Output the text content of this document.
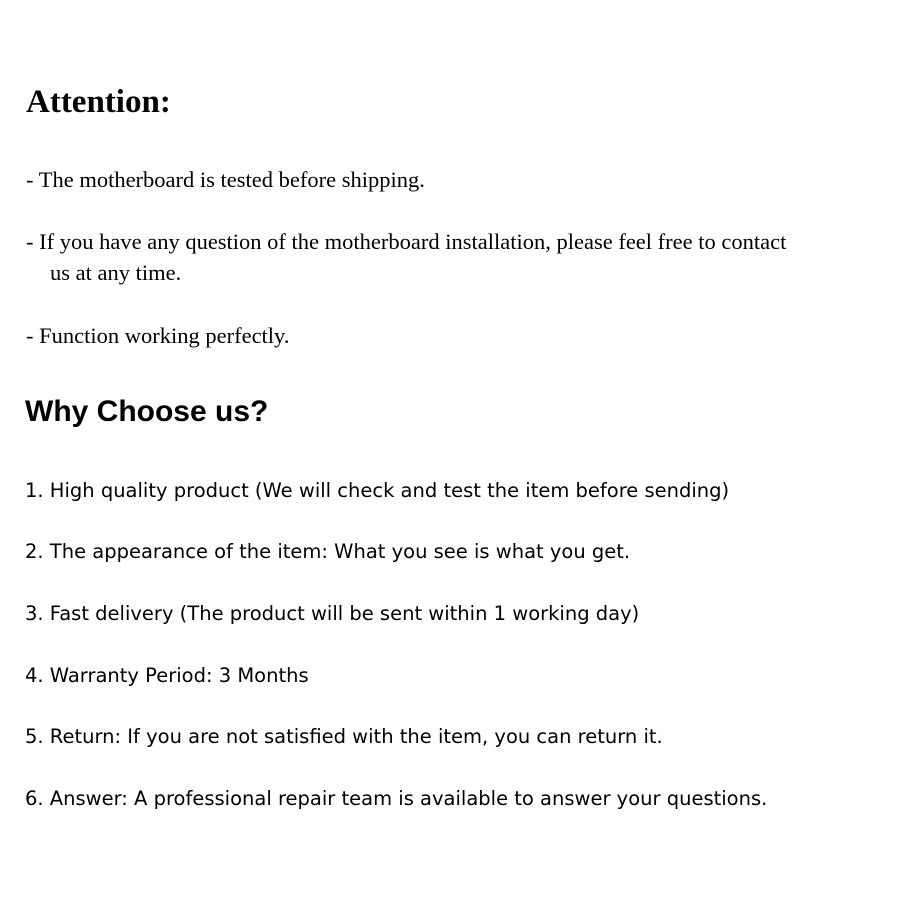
Attention:

- The motherboard is tested before shipping.

- If you have any question of the motherboard installation, please feel free to contact
us at any time.

- Function working perfectly.

Why Choose us?

1. High quality product (We will check and test the item before sending)

2. The appearance of the item: What you see is what you get.

3. Fast delivery (The product will be sent within 1 working day)

4. Warranty Period: 3 Months

5. Return: If you are not satisfied with the item, you can return it.

6. Answer: A professional repair team is available to answer your questions.
